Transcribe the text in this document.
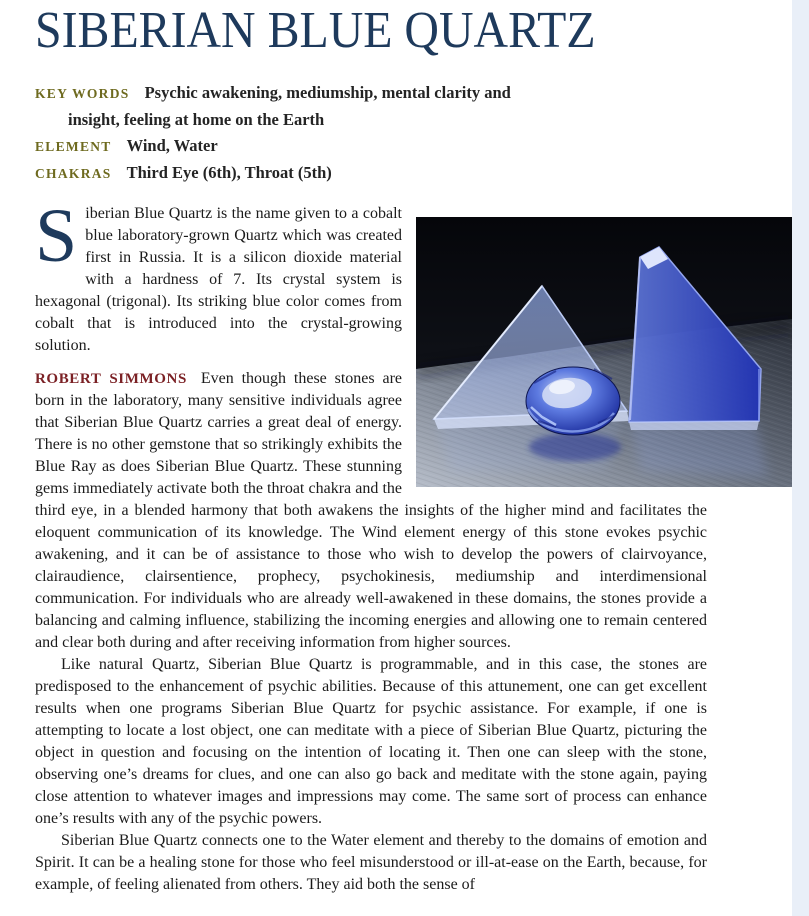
SIBERIAN BLUE QUARTZ
KEY WORDS Psychic awakening, mediumship, mental clarity and insight, feeling at home on the Earth
ELEMENT Wind, Water
CHAKRAS Third Eye (6th), Throat (5th)

Siberian Blue Quartz is the name given to a cobalt blue laboratory-grown Quartz which was created first in Russia. It is a silicon dioxide material with a hardness of 7. Its crystal system is hexagonal (trigonal). Its striking blue color comes from cobalt that is introduced into the crystal-growing solution.

ROBERT SIMMONS Even though these stones are born in the laboratory, many sensitive individuals agree that Siberian Blue Quartz carries a great deal of energy. There is no other gemstone that so strikingly exhibits the Blue Ray as does Siberian Blue Quartz. These stunning gems immediately activate both the throat chakra and the third eye, in a blended harmony that both awakens the insights of the higher mind and facilitates the eloquent communication of its knowledge. The Wind element energy of this stone evokes psychic awakening, and it can be of assistance to those who wish to develop the powers of clairvoyance, clairaudience, clairsentience, prophecy, psychokinesis, mediumship and interdimensional communication. For individuals who are already well-awakened in these domains, the stones provide a balancing and calming influence, stabilizing the incoming energies and allowing one to remain centered and clear both during and after receiving information from higher sources.

Like natural Quartz, Siberian Blue Quartz is programmable, and in this case, the stones are predisposed to the enhancement of psychic abilities. Because of this attunement, one can get excellent results when one programs Siberian Blue Quartz for psychic assistance. For example, if one is attempting to locate a lost object, one can meditate with a piece of Siberian Blue Quartz, picturing the object in question and focusing on the intention of locating it. Then one can sleep with the stone, observing one’s dreams for clues, and one can also go back and meditate with the stone again, paying close attention to whatever images and impressions may come. The same sort of process can enhance one’s results with any of the psychic powers.

Siberian Blue Quartz connects one to the Water element and thereby to the domains of emotion and Spirit. It can be a healing stone for those who feel misunderstood or ill-at-ease on the Earth, because, for example, of feeling alienated from others. They aid both the sense of
